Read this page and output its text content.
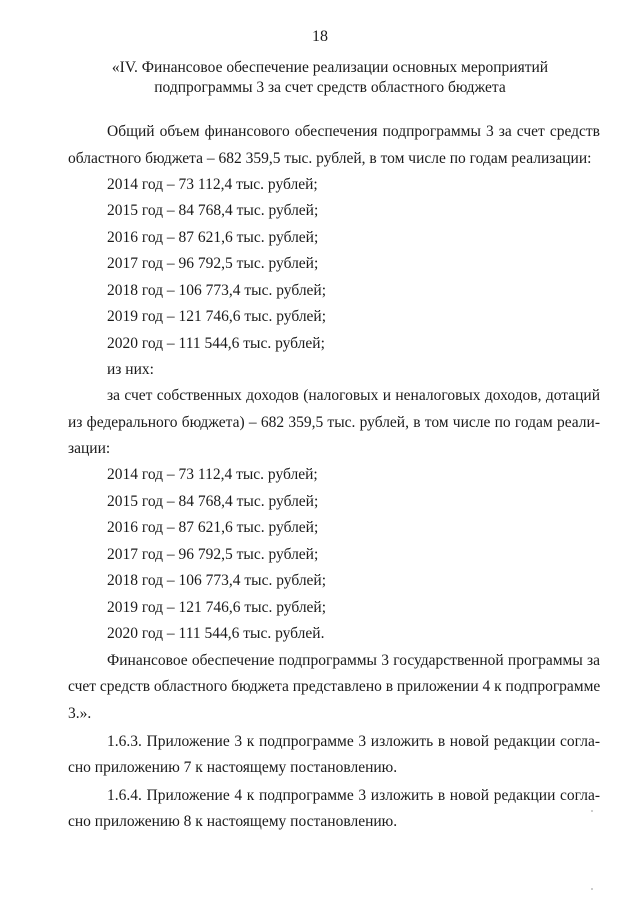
18
«IV. Финансовое обеспечение реализации основных мероприятий
подпрограммы 3 за счет средств областного бюджета
Общий объем финансового обеспечения подпрограммы 3 за счет средств
областного бюджета – 682 359,5 тыс. рублей, в том числе по годам реализации:
2014 год – 73 112,4 тыс. рублей;
2015 год – 84 768,4 тыс. рублей;
2016 год – 87 621,6 тыс. рублей;
2017 год – 96 792,5 тыс. рублей;
2018 год – 106 773,4 тыс. рублей;
2019 год – 121 746,6 тыс. рублей;
2020 год – 111 544,6 тыс. рублей;
из них:
за счет собственных доходов (налоговых и неналоговых доходов, дотаций
из федерального бюджета) – 682 359,5 тыс. рублей, в том числе по годам реали-
зации:
2014 год – 73 112,4 тыс. рублей;
2015 год – 84 768,4 тыс. рублей;
2016 год – 87 621,6 тыс. рублей;
2017 год – 96 792,5 тыс. рублей;
2018 год – 106 773,4 тыс. рублей;
2019 год – 121 746,6 тыс. рублей;
2020 год – 111 544,6 тыс. рублей.
Финансовое обеспечение подпрограммы 3 государственной программы за
счет средств областного бюджета представлено в приложении 4 к подпрограмме
3.».
1.6.3. Приложение 3 к подпрограмме 3 изложить в новой редакции согла-
сно приложению 7 к настоящему постановлению.
1.6.4. Приложение 4 к подпрограмме 3 изложить в новой редакции согла-
сно приложению 8 к настоящему постановлению.
